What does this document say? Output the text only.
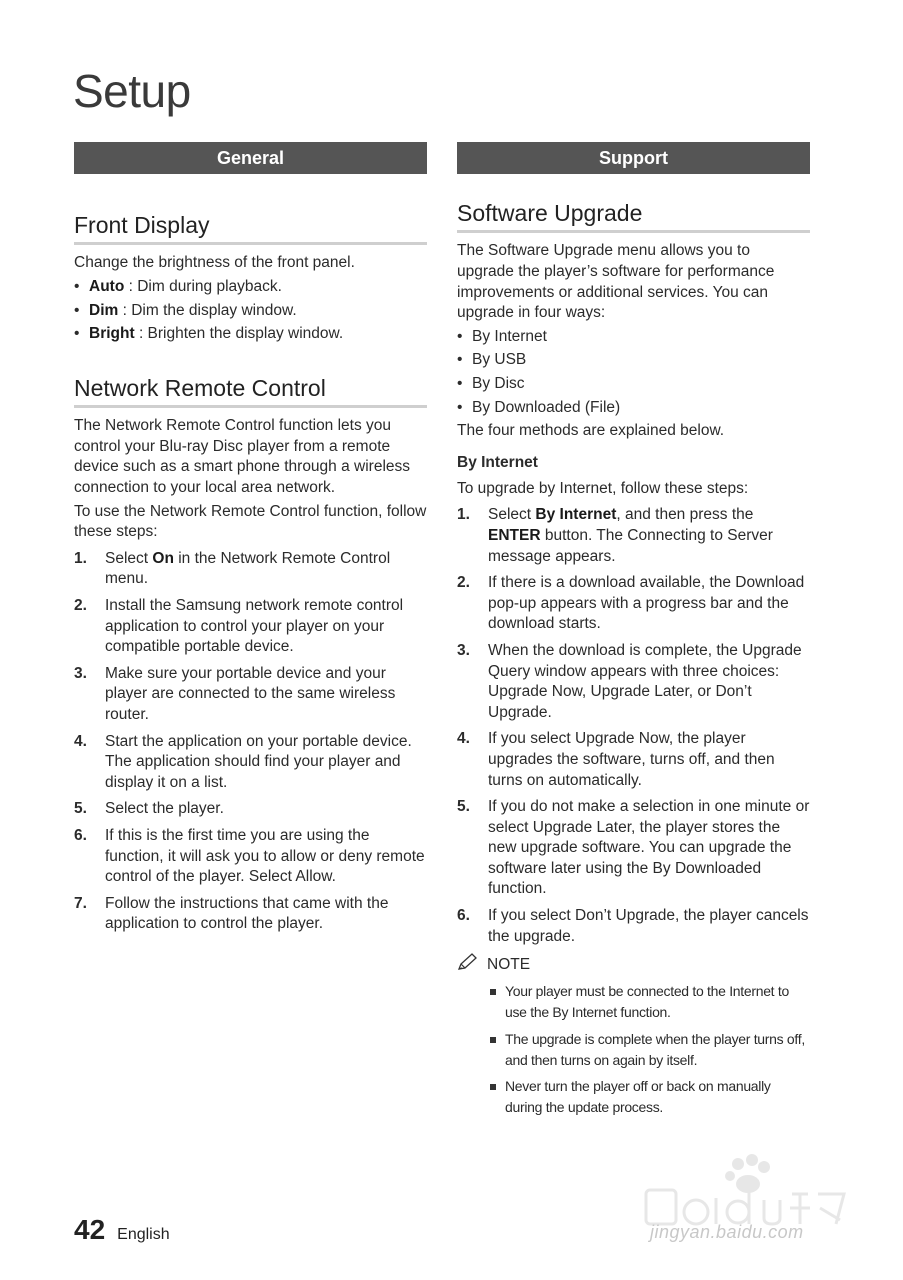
Setup
General
Front Display

Change the brightness of the front panel.

• Auto : Dim during playback.
• Dim : Dim the display window.
• Bright : Brighten the display window.
Network Remote Control

The Network Remote Control function lets you control your Blu-ray Disc player from a remote device such as a smart phone through a wireless connection to your local area network.

To use the Network Remote Control function, follow these steps:

1. Select On in the Network Remote Control menu.
2. Install the Samsung network remote control application to control your player on your compatible portable device.
3. Make sure your portable device and your player are connected to the same wireless router.
4. Start the application on your portable device. The application should find your player and display it on a list.
5. Select the player.
6. If this is the first time you are using the function, it will ask you to allow or deny remote control of the player. Select Allow.
7. Follow the instructions that came with the application to control the player.
Support
Software Upgrade

The Software Upgrade menu allows you to upgrade the player’s software for performance improvements or additional services. You can upgrade in four ways:

• By Internet
• By USB
• By Disc
• By Downloaded (File)

The four methods are explained below.

By Internet

To upgrade by Internet, follow these steps:

1. Select By Internet, and then press the ENTER button. The Connecting to Server message appears.
2. If there is a download available, the Download pop-up appears with a progress bar and the download starts.
3. When the download is complete, the Upgrade Query window appears with three choices: Upgrade Now, Upgrade Later, or Don’t Upgrade.
4. If you select Upgrade Now, the player upgrades the software, turns off, and then turns on automatically.
5. If you do not make a selection in one minute or select Upgrade Later, the player stores the new upgrade software. You can upgrade the software later using the By Downloaded function.
6. If you select Don’t Upgrade, the player cancels the upgrade.
NOTE
Your player must be connected to the Internet to use the By Internet function.
The upgrade is complete when the player turns off, and then turns on again by itself.
Never turn the player off or back on manually during the update process.
42 English	jingyan.baidu.com
